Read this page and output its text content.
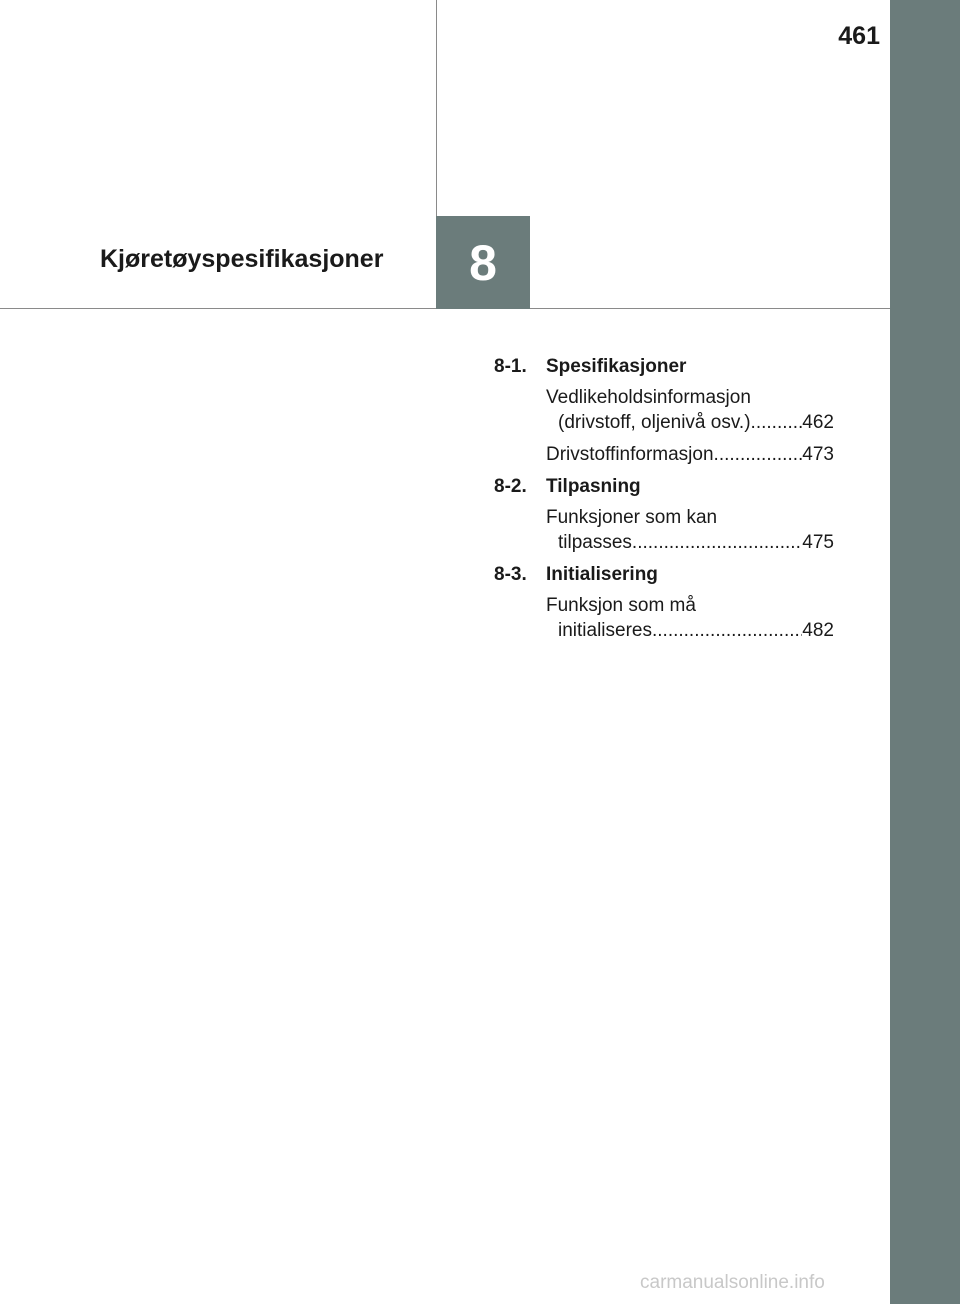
461
8
Kjøretøyspesifikasjoner
8-1.	Spesifikasjoner
Vedlikeholdsinformasjon
(drivstoff, oljenivå osv.) .....	462
Drivstoffinformasjon .....	473
8-2.	Tilpasning
Funksjoner som kan
tilpasses .....	475
8-3.	Initialisering
Funksjon som må
initialiseres .....	482
carmanualsonline.info
